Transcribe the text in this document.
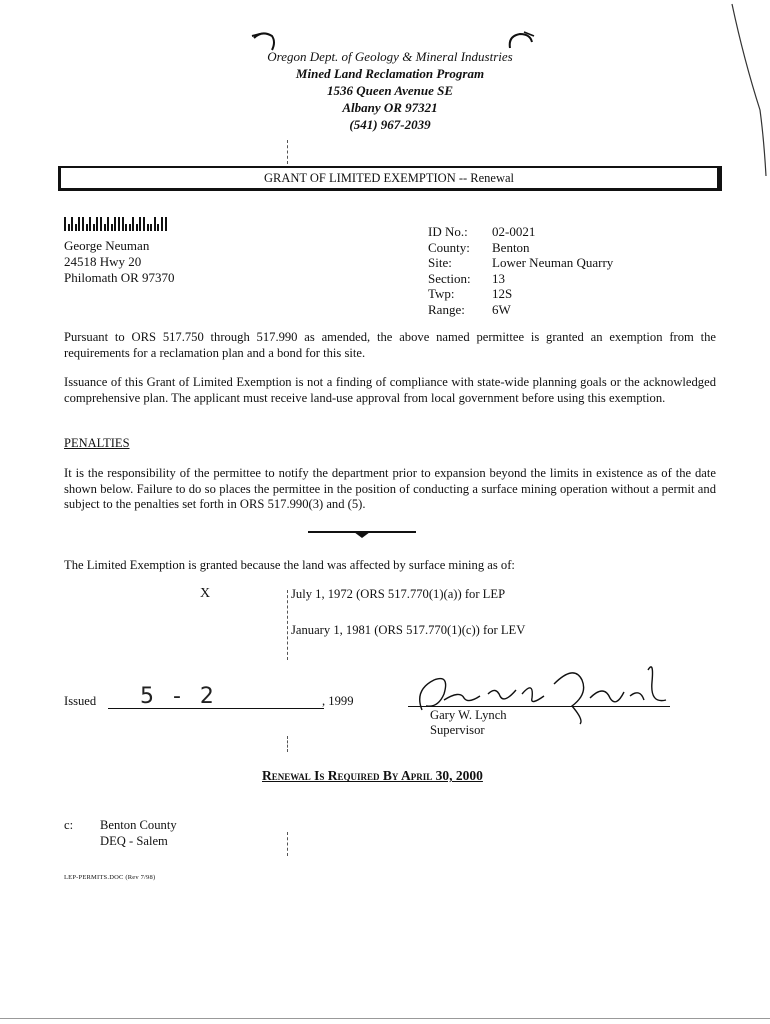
Oregon Dept. of Geology & Mineral Industries
Mined Land Reclamation Program
1536 Queen Avenue SE
Albany OR 97321
(541) 967-2039
GRANT OF LIMITED EXEMPTION -- Renewal
George Neuman
24518 Hwy 20
Philomath OR 97370
ID No.:	02-0021
County:	Benton
Site:	Lower Neuman Quarry
Section:	13
Twp:	12S
Range:	6W
Pursuant to ORS 517.750 through 517.990 as amended, the above named permittee is granted an exemption from the requirements for a reclamation plan and a bond for this site.
Issuance of this Grant of Limited Exemption is not a finding of compliance with state-wide planning goals or the acknowledged comprehensive plan. The applicant must receive land-use approval from local government before using this exemption.
PENALTIES
It is the responsibility of the permittee to notify the department prior to expansion beyond the limits in existence as of the date shown below. Failure to do so places the permittee in the position of conducting a surface mining operation without a permit and subject to the penalties set forth in ORS 517.990(3) and (5).
The Limited Exemption is granted because the land was affected by surface mining as of:
X	July 1, 1972 (ORS 517.770(1)(a)) for LEP
January 1, 1981 (ORS 517.770(1)(c)) for LEV
Issued 5 - 2	, 1999
Gary W. Lynch
Supervisor
Renewal Is Required By April 30, 2000
c: Benton County
DEQ - Salem
LEP-PERMITS.DOC (Rev 7/98)
